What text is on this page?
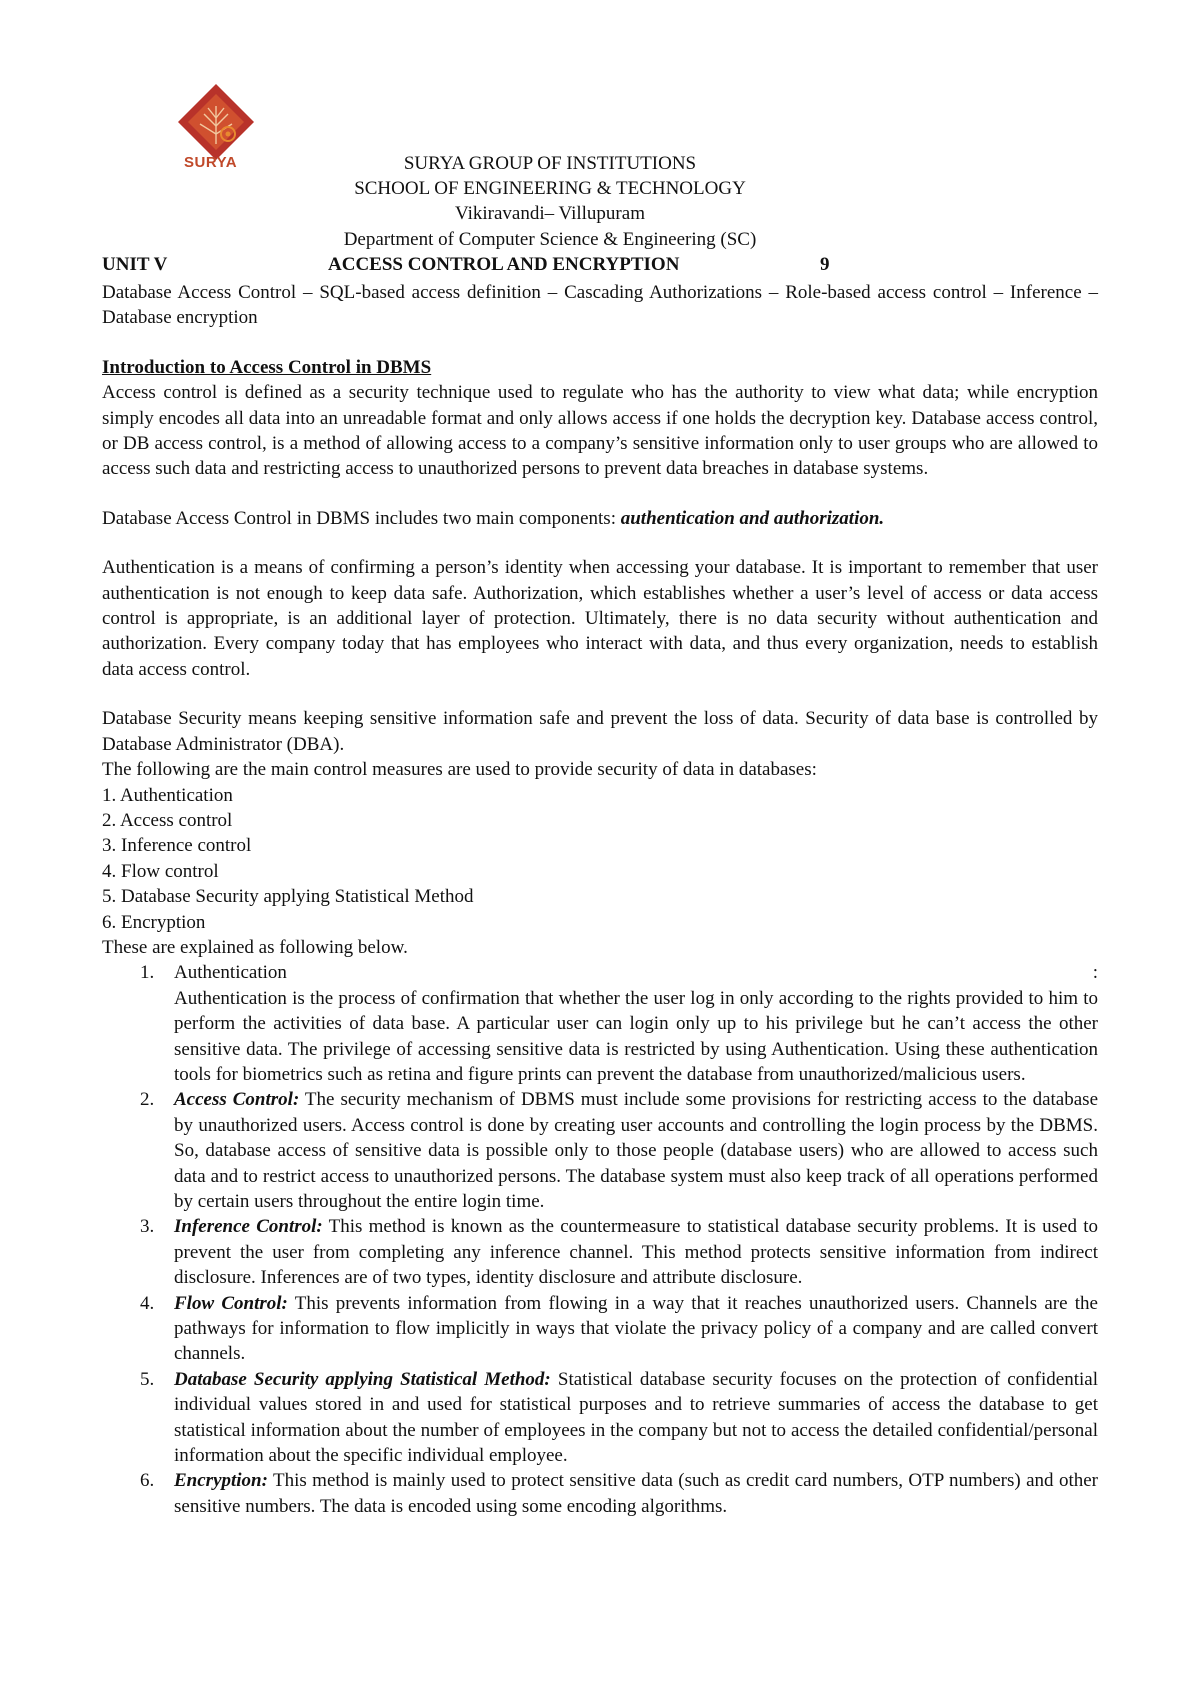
SURYA	SURYA GROUP OF INSTITUTIONS
SCHOOL OF ENGINEERING & TECHNOLOGY
Vikiravandi– Villupuram
Department of Computer Science & Engineering (SC)
UNIT V	ACCESS CONTROL AND ENCRYPTION	9

Database Access Control – SQL-based access definition – Cascading Authorizations – Role-based access control – Inference – Database encryption

Introduction to Access Control in DBMS

Access control is defined as a security technique used to regulate who has the authority to view what data; while encryption simply encodes all data into an unreadable format and only allows access if one holds the decryption key. Database access control, or DB access control, is a method of allowing access to a company’s sensitive information only to user groups who are allowed to access such data and restricting access to unauthorized persons to prevent data breaches in database systems.

Database Access Control in DBMS includes two main components: authentication and authorization.

Authentication is a means of confirming a person’s identity when accessing your database. It is important to remember that user authentication is not enough to keep data safe. Authorization, which establishes whether a user’s level of access or data access control is appropriate, is an additional layer of protection. Ultimately, there is no data security without authentication and authorization. Every company today that has employees who interact with data, and thus every organization, needs to establish data access control.

Database Security means keeping sensitive information safe and prevent the loss of data. Security of data base is controlled by Database Administrator (DBA).

The following are the main control measures are used to provide security of data in databases:

1. Authentication
2. Access control
3. Inference control
4. Flow control
5. Database Security applying Statistical Method
6. Encryption

These are explained as following below.

1. Authentication	:
Authentication is the process of confirmation that whether the user log in only according to the rights provided to him to perform the activities of data base. A particular user can login only up to his privilege but he can’t access the other sensitive data. The privilege of accessing sensitive data is restricted by using Authentication. Using these authentication tools for biometrics such as retina and figure prints can prevent the database from unauthorized/malicious users.
2. Access Control: The security mechanism of DBMS must include some provisions for restricting access to the database by unauthorized users. Access control is done by creating user accounts and controlling the login process by the DBMS. So, database access of sensitive data is possible only to those people (database users) who are allowed to access such data and to restrict access to unauthorized persons. The database system must also keep track of all operations performed by certain users throughout the entire login time.
3. Inference Control: This method is known as the countermeasure to statistical database security problems. It is used to prevent the user from completing any inference channel. This method protects sensitive information from indirect disclosure. Inferences are of two types, identity disclosure and attribute disclosure.
4. Flow Control: This prevents information from flowing in a way that it reaches unauthorized users. Channels are the pathways for information to flow implicitly in ways that violate the privacy policy of a company and are called convert channels.
5. Database Security applying Statistical Method: Statistical database security focuses on the protection of confidential individual values stored in and used for statistical purposes and to retrieve summaries of access the database to get statistical information about the number of employees in the company but not to access the detailed confidential/personal information about the specific individual employee.
6. Encryption: This method is mainly used to protect sensitive data (such as credit card numbers, OTP numbers) and other sensitive numbers. The data is encoded using some encoding algorithms.
